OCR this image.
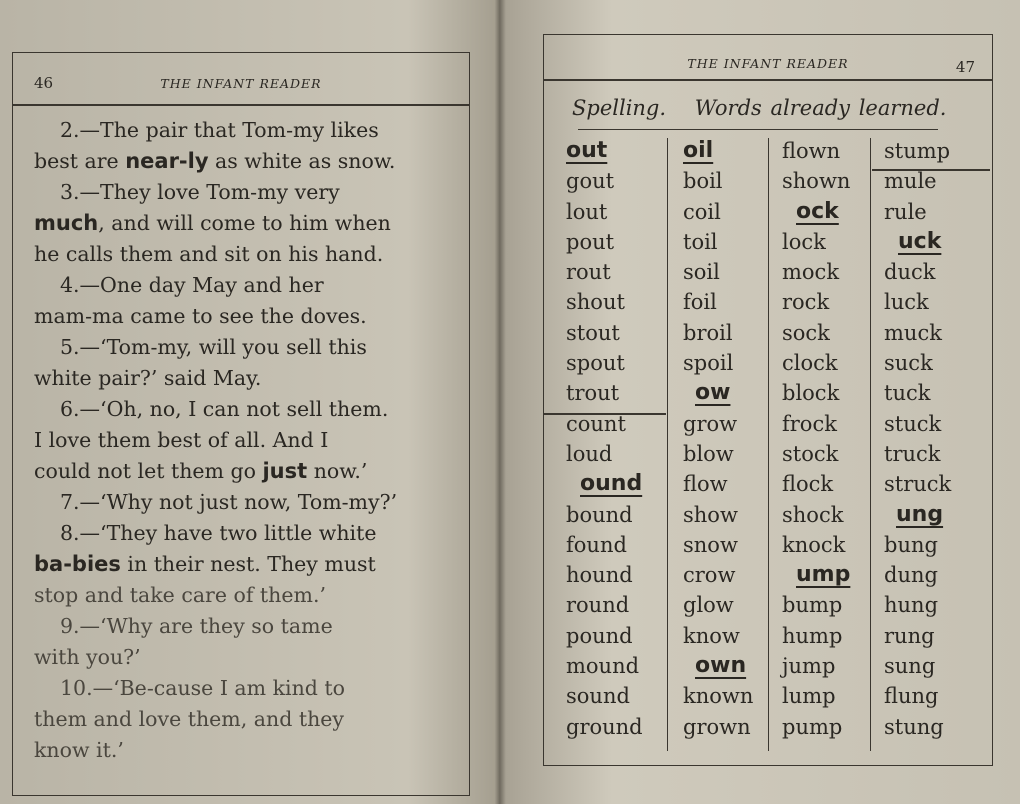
46	THE INFANT READER

2.—The pair that Tom-my likes

best are near-ly as white as snow.

3.—They love Tom-my very

much, and will come to him when

he calls them and sit on his hand.

4.—One day May and her

mam-ma came to see the doves.

5.—‘Tom-my, will you sell this

white pair?’ said May.

6.—‘Oh, no, I can not sell them.

I love them best of all. And I

could not let them go just now.’

7.—‘Why not just now, Tom-my?’

8.—‘They have two little white

ba-bies in their nest. They must

stop and take care of them.’

9.—‘Why are they so tame

with you?’

10.—‘Be-cause I am kind to

them and love them, and they

know it.’

THE INFANT READER	47
Spelling. Words already learned.
out
gout
lout
pout
rout
shout
stout
spout
trout
count
loud
ound
bound
found
hound
round
pound
mound
sound
ground
oil
boil
coil
toil
soil
foil
broil
spoil
ow
grow
blow
flow
show
snow
crow
glow
know
own
known
grown
flown
shown
ock
lock
mock
rock
sock
clock
block
frock
stock
flock
shock
knock
ump
bump
hump
jump
lump
pump
stump
mule
rule
uck
duck
luck
muck
suck
tuck
stuck
truck
struck
ung
bung
dung
hung
rung
sung
flung
stung
